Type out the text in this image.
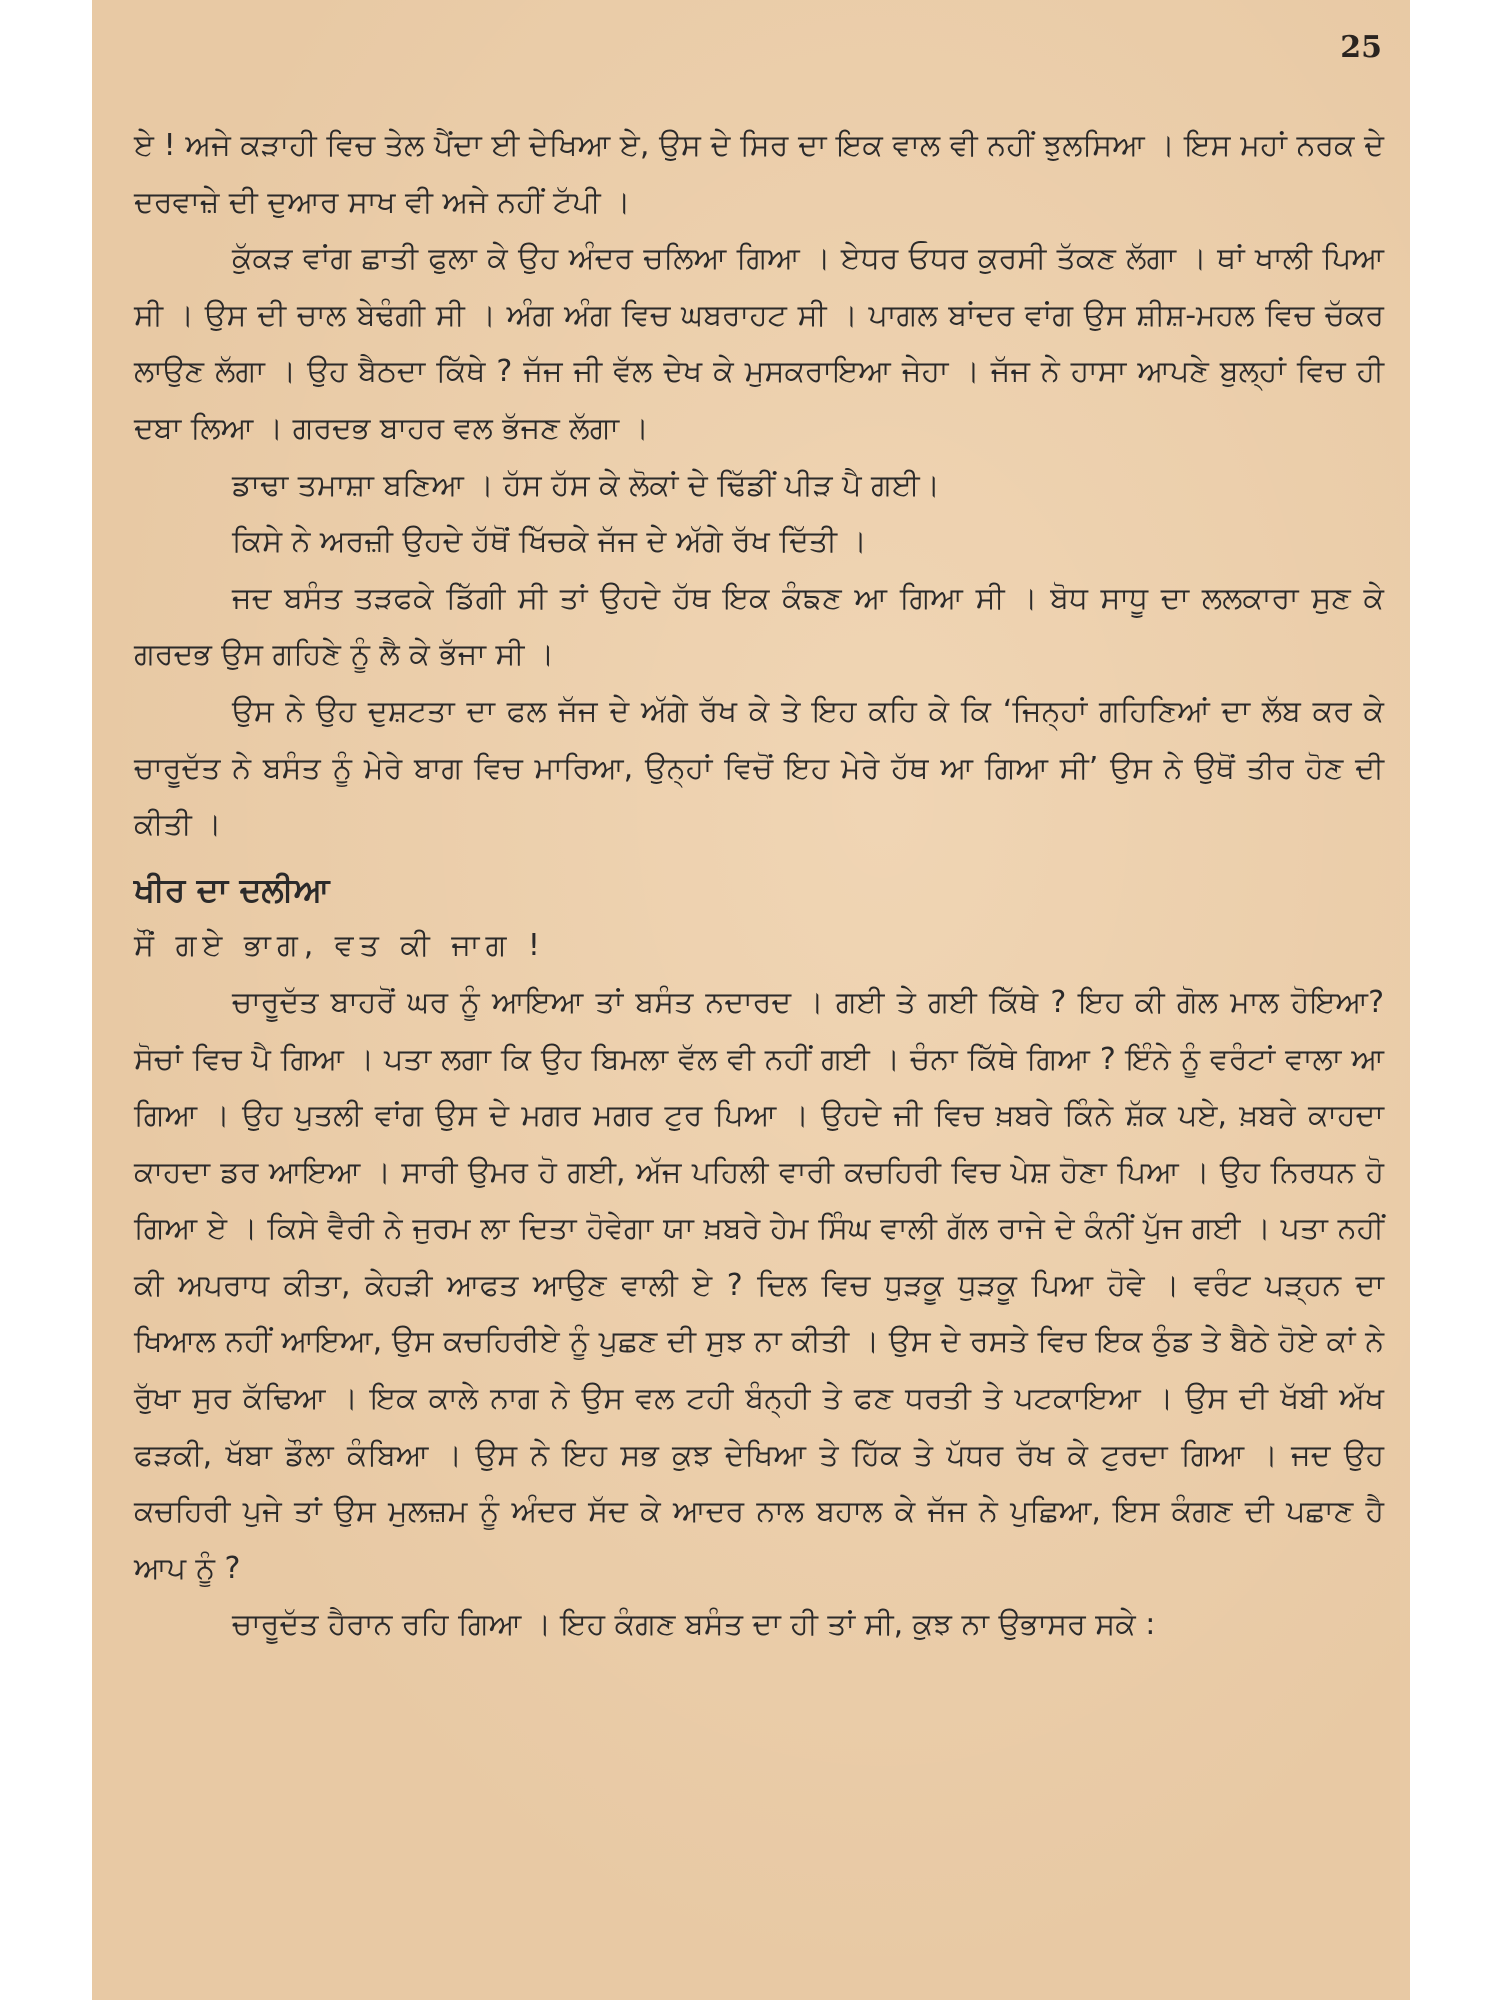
25

ਏ ! ਅਜੇ ਕੜਾਹੀ ਵਿਚ ਤੇਲ ਪੈਂਦਾ ਈ ਦੇਖਿਆ ਏ, ਉਸ ਦੇ ਸਿਰ ਦਾ ਇਕ ਵਾਲ ਵੀ ਨਹੀਂ ਝੁਲਸਿਆ । ਇਸ ਮਹਾਂ ਨਰਕ ਦੇ ਦਰਵਾਜ਼ੇ ਦੀ ਦੁਆਰ ਸਾਖ ਵੀ ਅਜੇ ਨਹੀਂ ਟੱਪੀ ।

ਕੁੱਕੜ ਵਾਂਗ ਛਾਤੀ ਫੁਲਾ ਕੇ ਉਹ ਅੰਦਰ ਚਲਿਆ ਗਿਆ । ਏਧਰ ਓਧਰ ਕੁਰਸੀ ਤੱਕਣ ਲੱਗਾ । ਥਾਂ ਖਾਲੀ ਪਿਆ ਸੀ । ਉਸ ਦੀ ਚਾਲ ਬੇਢੰਗੀ ਸੀ । ਅੰਗ ਅੰਗ ਵਿਚ ਘਬਰਾਹਟ ਸੀ । ਪਾਗਲ ਬਾਂਦਰ ਵਾਂਗ ਉਸ ਸ਼ੀਸ਼-ਮਹਲ ਵਿਚ ਚੱਕਰ ਲਾਉਣ ਲੱਗਾ । ਉਹ ਬੈਠਦਾ ਕਿੱਥੇ ? ਜੱਜ ਜੀ ਵੱਲ ਦੇਖ ਕੇ ਮੁਸਕਰਾਇਆ ਜੇਹਾ । ਜੱਜ ਨੇ ਹਾਸਾ ਆਪਣੇ ਬੁਲ੍ਹਾਂ ਵਿਚ ਹੀ ਦਬਾ ਲਿਆ । ਗਰਦਭ ਬਾਹਰ ਵਲ ਭੱਜਣ ਲੱਗਾ ।

ਡਾਢਾ ਤਮਾਸ਼ਾ ਬਣਿਆ । ਹੱਸ ਹੱਸ ਕੇ ਲੋਕਾਂ ਦੇ ਢਿੱਡੀਂ ਪੀੜ ਪੈ ਗਈ।

ਕਿਸੇ ਨੇ ਅਰਜ਼ੀ ਉਹਦੇ ਹੱਥੋਂ ਖਿੱਚਕੇ ਜੱਜ ਦੇ ਅੱਗੇ ਰੱਖ ਦਿੱਤੀ ।

ਜਦ ਬਸੰਤ ਤੜਫਕੇ ਡਿੱਗੀ ਸੀ ਤਾਂ ਉਹਦੇ ਹੱਥ ਇਕ ਕੰਙਣ ਆ ਗਿਆ ਸੀ । ਬੋਧ ਸਾਧੂ ਦਾ ਲਲਕਾਰਾ ਸੁਣ ਕੇ ਗਰਦਭ ਉਸ ਗਹਿਣੇ ਨੂੰ ਲੈ ਕੇ ਭੱਜਾ ਸੀ ।

ਉਸ ਨੇ ਉਹ ਦੁਸ਼ਟਤਾ ਦਾ ਫਲ ਜੱਜ ਦੇ ਅੱਗੇ ਰੱਖ ਕੇ ਤੇ ਇਹ ਕਹਿ ਕੇ ਕਿ ‘ਜਿਨ੍ਹਾਂ ਗਹਿਣਿਆਂ ਦਾ ਲੱਬ ਕਰ ਕੇ ਚਾਰੂਦੱਤ ਨੇ ਬਸੰਤ ਨੂੰ ਮੇਰੇ ਬਾਗ ਵਿਚ ਮਾਰਿਆ, ਉਨ੍ਹਾਂ ਵਿਚੋਂ ਇਹ ਮੇਰੇ ਹੱਥ ਆ ਗਿਆ ਸੀ’ ਉਸ ਨੇ ਉਥੋਂ ਤੀਰ ਹੋਣ ਦੀ ਕੀਤੀ ।

ਖੀਰ ਦਾ ਦਲੀਆ

ਸੌਂ ਗਏ ਭਾਗ, ਵਤ ਕੀ ਜਾਗ !

ਚਾਰੂਦੱਤ ਬਾਹਰੋਂ ਘਰ ਨੂੰ ਆਇਆ ਤਾਂ ਬਸੰਤ ਨਦਾਰਦ । ਗਈ ਤੇ ਗਈ ਕਿੱਥੇ ? ਇਹ ਕੀ ਗੋਲ ਮਾਲ ਹੋਇਆ? ਸੋਚਾਂ ਵਿਚ ਪੈ ਗਿਆ । ਪਤਾ ਲਗਾ ਕਿ ਉਹ ਬਿਮਲਾ ਵੱਲ ਵੀ ਨਹੀਂ ਗਈ । ਚੰਨਾ ਕਿੱਥੇ ਗਿਆ ? ਇੰਨੇ ਨੂੰ ਵਰੰਟਾਂ ਵਾਲਾ ਆ ਗਿਆ । ਉਹ ਪੁਤਲੀ ਵਾਂਗ ਉਸ ਦੇ ਮਗਰ ਮਗਰ ਟੁਰ ਪਿਆ । ਉਹਦੇ ਜੀ ਵਿਚ ਖ਼ਬਰੇ ਕਿੰਨੇ ਸ਼ੱਕ ਪਏ, ਖ਼ਬਰੇ ਕਾਹਦਾ ਕਾਹਦਾ ਡਰ ਆਇਆ । ਸਾਰੀ ਉਮਰ ਹੋ ਗਈ, ਅੱਜ ਪਹਿਲੀ ਵਾਰੀ ਕਚਹਿਰੀ ਵਿਚ ਪੇਸ਼ ਹੋਣਾ ਪਿਆ । ਉਹ ਨਿਰਧਨ ਹੋ ਗਿਆ ਏ । ਕਿਸੇ ਵੈਰੀ ਨੇ ਜੁਰਮ ਲਾ ਦਿਤਾ ਹੋਵੇਗਾ ਯਾ ਖ਼ਬਰੇ ਹੇਮ ਸਿੰਘ ਵਾਲੀ ਗੱਲ ਰਾਜੇ ਦੇ ਕੰਨੀਂ ਪੁੱਜ ਗਈ । ਪਤਾ ਨਹੀਂ ਕੀ ਅਪਰਾਧ ਕੀਤਾ, ਕੇਹੜੀ ਆਫਤ ਆਉਣ ਵਾਲੀ ਏ ? ਦਿਲ ਵਿਚ ਧੁੜਕੂ ਧੁੜਕੂ ਪਿਆ ਹੋਵੇ । ਵਰੰਟ ਪੜ੍ਹਨ ਦਾ ਖਿਆਲ ਨਹੀਂ ਆਇਆ, ਉਸ ਕਚਹਿਰੀਏ ਨੂੰ ਪੁਛਣ ਦੀ ਸੁਝ ਨਾ ਕੀਤੀ । ਉਸ ਦੇ ਰਸਤੇ ਵਿਚ ਇਕ ਠੁੰਡ ਤੇ ਬੈਠੇ ਹੋਏ ਕਾਂ ਨੇ ਰੁੱਖਾ ਸੁਰ ਕੱਢਿਆ । ਇਕ ਕਾਲੇ ਨਾਗ ਨੇ ਉਸ ਵਲ ਟਹੀ ਬੰਨ੍ਹੀ ਤੇ ਫਣ ਧਰਤੀ ਤੇ ਪਟਕਾਇਆ । ਉਸ ਦੀ ਖੱਬੀ ਅੱਖ ਫੜਕੀ, ਖੱਬਾ ਡੌਲਾ ਕੰਬਿਆ । ਉਸ ਨੇ ਇਹ ਸਭ ਕੁਝ ਦੇਖਿਆ ਤੇ ਹਿੱਕ ਤੇ ਪੱਧਰ ਰੱਖ ਕੇ ਟੁਰਦਾ ਗਿਆ । ਜਦ ਉਹ ਕਚਹਿਰੀ ਪੁਜੇ ਤਾਂ ਉਸ ਮੁਲਜ਼ਮ ਨੂੰ ਅੰਦਰ ਸੱਦ ਕੇ ਆਦਰ ਨਾਲ ਬਹਾਲ ਕੇ ਜੱਜ ਨੇ ਪੁਛਿਆ, ਇਸ ਕੰਗਣ ਦੀ ਪਛਾਣ ਹੈ ਆਪ ਨੂੰ ?

ਚਾਰੂਦੱਤ ਹੈਰਾਨ ਰਹਿ ਗਿਆ । ਇਹ ਕੰਗਣ ਬਸੰਤ ਦਾ ਹੀ ਤਾਂ ਸੀ, ਕੁਝ ਨਾ ਉਭਾਸਰ ਸਕੇ :
